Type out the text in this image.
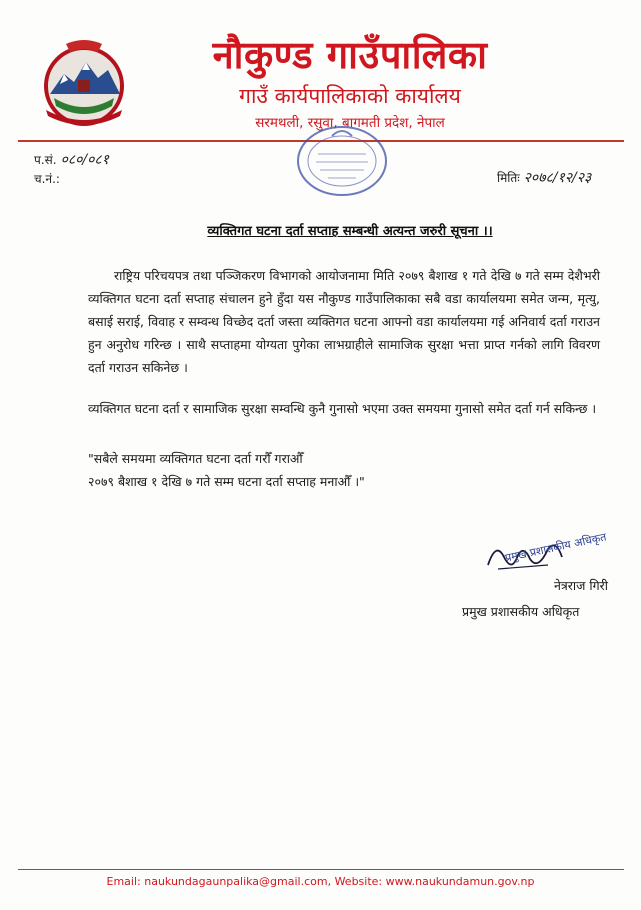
नौकुण्ड गाउँपालिका
गाउँ कार्यपालिकाको कार्यालय
सरमथली, रसुवा, बागमती प्रदेश, नेपाल
प.सं. ०८०/०८१
च.नं.:	मितिः २०७८/१२/२३
व्यक्तिगत घटना दर्ता सप्ताह सम्बन्धी अत्यन्त जरुरी सूचना ।।
राष्ट्रिय परिचयपत्र तथा पञ्जिकरण विभागको आयोजनामा मिति २०७९ बैशाख १ गते देखि ७ गते सम्म देशैभरी व्यक्तिगत घटना दर्ता सप्ताह संचालन हुने हुँदा यस नौकुण्ड गाउँपालिकाका सबै वडा कार्यालयमा समेत जन्म, मृत्यु, बसाई सराई, विवाह र सम्वन्ध विच्छेद दर्ता जस्ता व्यक्तिगत घटना आफ्नो वडा कार्यालयमा गई अनिवार्य दर्ता गराउन हुन अनुरोध गरिन्छ । साथै सप्ताहमा योग्यता पुगेका लाभग्राहीले सामाजिक सुरक्षा भत्ता प्राप्त गर्नको लागि विवरण दर्ता गराउन सकिनेछ ।
व्यक्तिगत घटना दर्ता र सामाजिक सुरक्षा सम्वन्धि कुनै गुनासो भएमा उक्त समयमा गुनासो समेत दर्ता गर्न सकिन्छ ।
"सबैले समयमा व्यक्तिगत घटना दर्ता गरौँ गराऔँ
२०७९ बैशाख १ देखि ७ गते सम्म घटना दर्ता सप्ताह मनाऔँ ।"
प्रमुख प्रशासकीय अधिकृत
नेत्रराज गिरी
प्रमुख प्रशासकीय अधिकृत
Email: naukundagaunpalika@gmail.com, Website: www.naukundamun.gov.np
